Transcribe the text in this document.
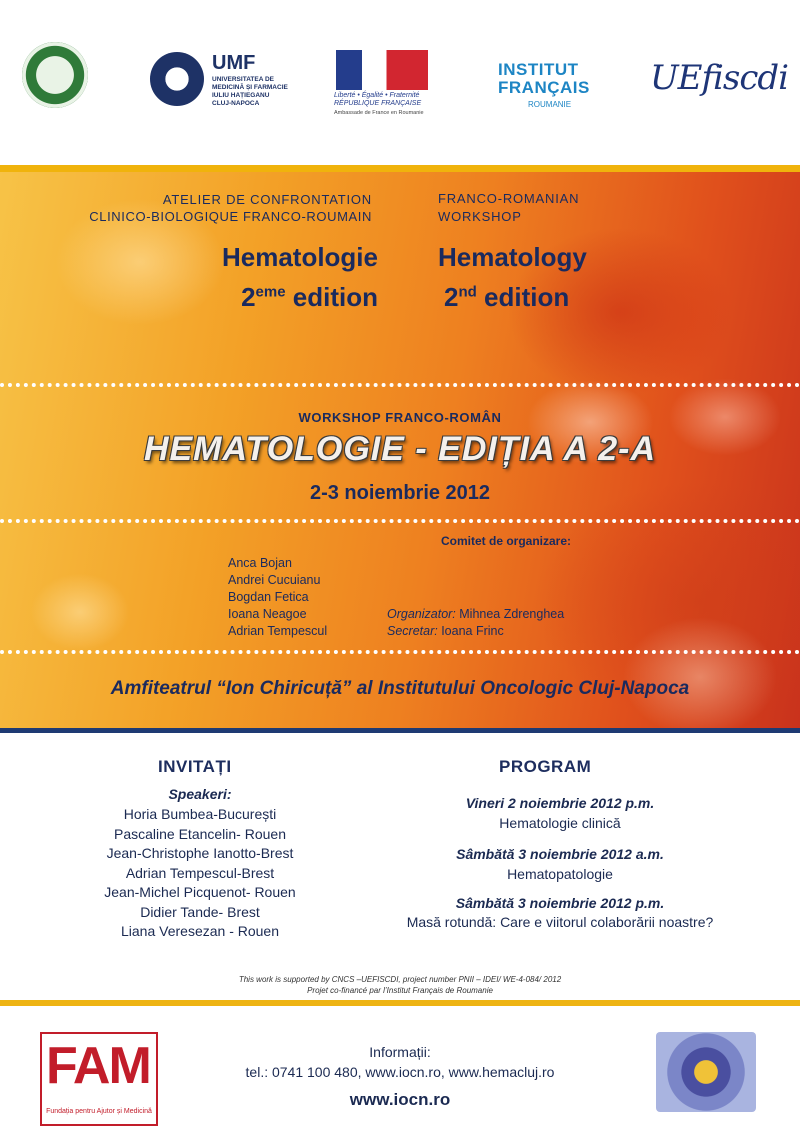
UMF
UNIVERSITATEA DE
MEDICINĂ ȘI FARMACIE
IULIU HAȚIEGANU
CLUJ-NAPOCA
Liberté • Égalité • Fraternité
RÉPUBLIQUE FRANÇAISE
Ambassade de France en Roumanie
INSTITUT
FRANÇAIS
ROUMANIE
UEfiscdi
ATELIER DE CONFRONTATION
CLINICO-BIOLOGIQUE FRANCO-ROUMAIN
FRANCO-ROMANIAN
WORKSHOP
Hematologie
2eme edition
Hematology
2nd edition
WORKSHOP FRANCO-ROMÂN
HEMATOLOGIE - EDIȚIA A 2-A
2-3 noiembrie 2012
Comitet de organizare:
Anca Bojan
Andrei Cucuianu
Bogdan Fetica
Ioana Neagoe
Adrian Tempescul
Organizator: Mihnea Zdrenghea
Secretar: Ioana Frinc
Amfiteatrul “Ion Chiricuță” al Institutului Oncologic Cluj-Napoca
INVITAȚI
Speakeri:
Horia Bumbea-București
Pascaline Etancelin- Rouen
Jean-Christophe Ianotto-Brest
Adrian Tempescul-Brest
Jean-Michel Picquenot- Rouen
Didier Tande- Brest
Liana Veresezan - Rouen
PROGRAM
Vineri 2 noiembrie 2012 p.m.
Hematologie clinică
Sâmbătă 3 noiembrie 2012 a.m.
Hematopatologie
Sâmbătă 3 noiembrie 2012 p.m.
Masă rotundă: Care e viitorul colaborării noastre?
This work is supported by CNCS –UEFISCDI, project number PNII – IDEI/ WE-4-084/ 2012
Projet co-financé par l’Institut Français de Roumanie
FAM
Fundația pentru Ajutor și Medicină
Informații:
tel.: 0741 100 480, www.iocn.ro, www.hemacluj.ro
www.iocn.ro
